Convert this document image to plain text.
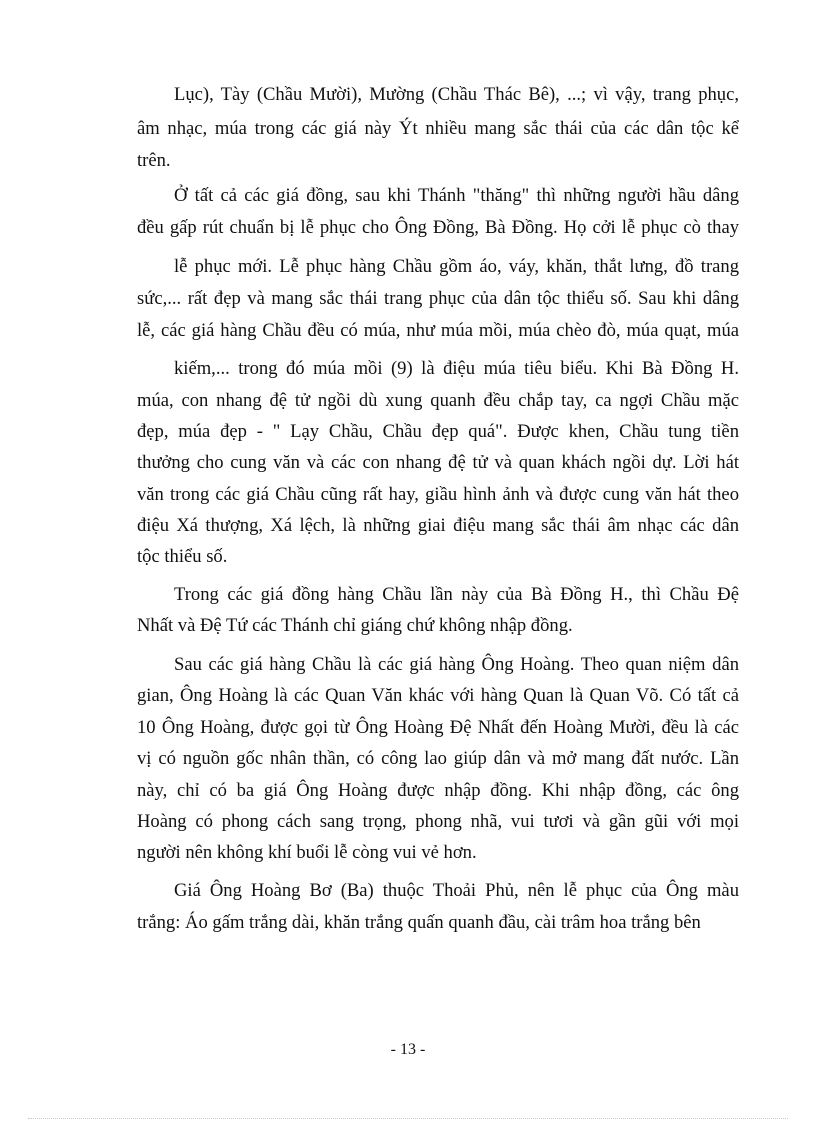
Lục), Tày (Chầu Mười), Mường (Chầu Thác Bê), ...; vì vậy, trang phục,
âm nhạc, múa trong các giá này Ýt nhiều mang sắc thái của các dân tộc kể
trên.
Ở tất cả các giá đồng, sau khi Thánh "thăng" thì những người hầu dâng
đều gấp rút chuẩn bị lễ phục cho Ông Đồng, Bà Đồng. Họ cởi lễ phục cò thay
lễ phục mới. Lễ phục hàng Chầu gồm áo, váy, khăn, thắt lưng, đồ trang
sức,... rất đẹp và mang sắc thái trang phục của dân tộc thiểu số. Sau khi dâng
lễ, các giá hàng Chầu đều có múa, như múa mồi, múa chèo đò, múa quạt, múa
kiếm,... trong đó múa mồi (9) là điệu múa tiêu biểu. Khi Bà Đồng H.
múa, con nhang đệ tử ngồi dù xung quanh đều chắp tay, ca ngợi Chầu mặc
đẹp, múa đẹp - " Lạy Chầu, Chầu đẹp quá". Được khen, Chầu tung tiền
thưởng cho cung văn và các con nhang đệ tử và quan khách ngồi dự. Lời hát
văn trong các giá Chầu cũng rất hay, giầu hình ảnh và được cung văn hát theo
điệu Xá thượng, Xá lệch, là những giai điệu mang sắc thái âm nhạc các dân
tộc thiểu số.
Trong các giá đồng hàng Chầu lần này của Bà Đồng H., thì Chầu Đệ
Nhất và Đệ Tứ các Thánh chỉ giáng chứ không nhập đồng.
Sau các giá hàng Chầu là các giá hàng Ông Hoàng. Theo quan niệm dân
gian, Ông Hoàng là các Quan Văn khác với hàng Quan là Quan Võ. Có tất cả
10 Ông Hoàng, được gọi từ Ông Hoàng Đệ Nhất đến Hoàng Mười, đều là các
vị có nguồn gốc nhân thần, có công lao giúp dân và mở mang đất nước. Lần
này, chỉ có ba giá Ông Hoàng được nhập đồng. Khi nhập đồng, các ông
Hoàng có phong cách sang trọng, phong nhã, vui tươi và gần gũi với mọi
người nên không khí buổi lễ còng vui vẻ hơn.
Giá Ông Hoàng Bơ (Ba) thuộc Thoải Phủ, nên lễ phục của Ông màu
trắng: Áo gấm trắng dài, khăn trắng quấn quanh đầu, cài trâm hoa trắng bên
- 13 -
